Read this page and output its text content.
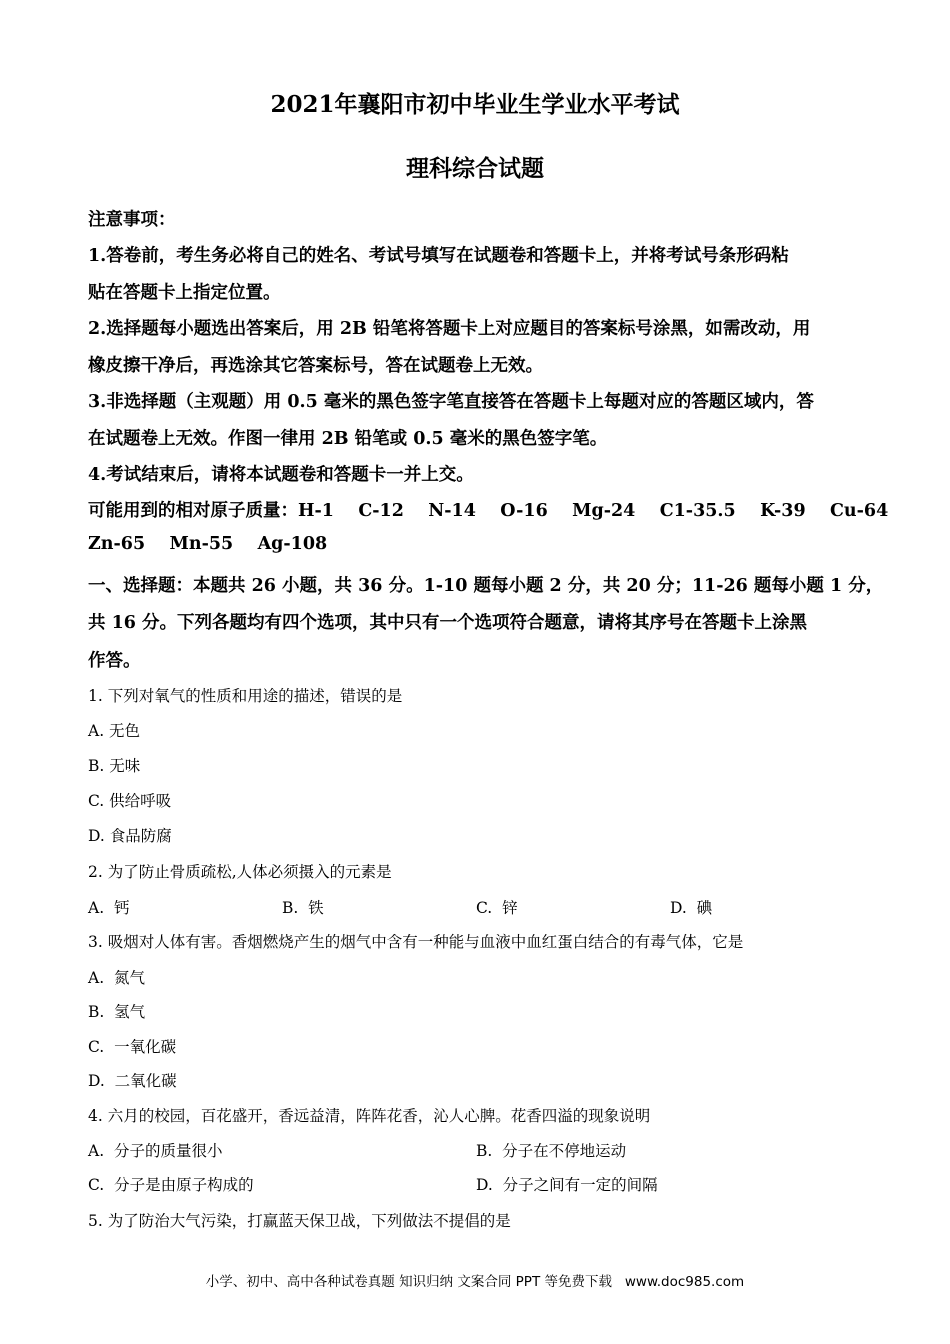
2021年襄阳市初中毕业生学业水平考试
理科综合试题
注意事项：
1.答卷前，考生务必将自己的姓名、考试号填写在试题卷和答题卡上，并将考试号条形码粘
贴在答题卡上指定位置。
2.选择题每小题选出答案后，用 2B 铅笔将答题卡上对应题目的答案标号涂黑，如需改动，用
橡皮擦干净后，再选涂其它答案标号，答在试题卷上无效。
3.非选择题（主观题）用 0.5 毫米的黑色签字笔直接答在答题卡上每题对应的答题区域内，答
在试题卷上无效。作图一律用 2B 铅笔或 0.5 毫米的黑色签字笔。
4.考试结束后，请将本试题卷和答题卡一并上交。
可能用到的相对原子质量：H-1    C-12    N-14    O-16    Mg-24    C1-35.5    K-39    Cu-64
Zn-65    Mn-55    Ag-108
一、选择题：本题共 26 小题，共 36 分。1-10 题每小题 2 分，共 20 分；11-26 题每小题 1 分，
共 16 分。下列各题均有四个选项，其中只有一个选项符合题意，请将其序号在答题卡上涂黑
作答。
1. 下列对氧气的性质和用途的描述，错误的是
A. 无色
B. 无味
C. 供给呼吸
D. 食品防腐
2. 为了防止骨质疏松,人体必须摄入的元素是
A.  钙	B.  铁	C.  锌	D.  碘
3. 吸烟对人体有害。香烟燃烧产生的烟气中含有一种能与血液中血红蛋白结合的有毒气体，它是
A.  氮气
B.  氢气
C.  一氧化碳
D.  二氧化碳
4. 六月的校园，百花盛开，香远益清，阵阵花香，沁人心脾。花香四溢的现象说明
A.  分子的质量很小	B.  分子在不停地运动
C.  分子是由原子构成的	D.  分子之间有一定的间隔
5. 为了防治大气污染，打赢蓝天保卫战，下列做法不提倡的是
小学、初中、高中各种试卷真题 知识归纳 文案合同 PPT 等免费下载   www.doc985.com
